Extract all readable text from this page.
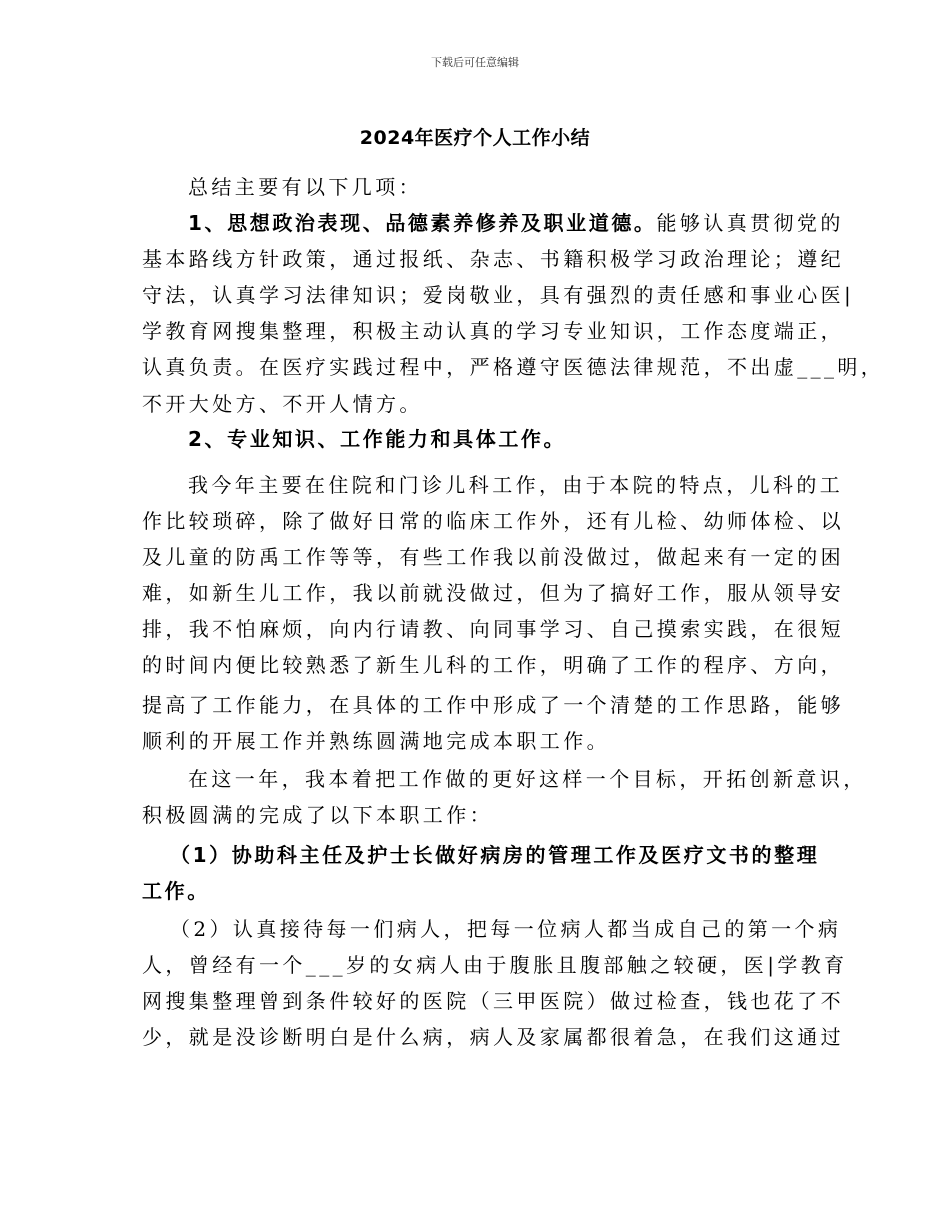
下载后可任意编辑
2024年医疗个人工作小结
总结主要有以下几项：
1、思想政治表现、品德素养修养及职业道德。能够认真贯彻党的
基本路线方针政策，通过报纸、杂志、书籍积极学习政治理论；遵纪
守法，认真学习法律知识；爱岗敬业，具有强烈的责任感和事业心医|
学教育网搜集整理，积极主动认真的学习专业知识，工作态度端正，
认真负责。在医疗实践过程中，严格遵守医德法律规范，不出虚___明，
不开大处方、不开人情方。
2、专业知识、工作能力和具体工作。
我今年主要在住院和门诊儿科工作，由于本院的特点，儿科的工
作比较琐碎，除了做好日常的临床工作外，还有儿检、幼师体检、以
及儿童的防禹工作等等，有些工作我以前没做过，做起来有一定的困
难，如新生儿工作，我以前就没做过，但为了搞好工作，服从领导安
排，我不怕麻烦，向内行请教、向同事学习、自己摸索实践，在很短
的时间内便比较熟悉了新生儿科的工作，明确了工作的程序、方向，
提高了工作能力，在具体的工作中形成了一个清楚的工作思路，能够
顺利的开展工作并熟练圆满地完成本职工作。
在这一年，我本着把工作做的更好这样一个目标，开拓创新意识，
积极圆满的完成了以下本职工作：
（1）协助科主任及护士长做好病房的管理工作及医疗文书的整理
工作。
（2）认真接待每一们病人，把每一位病人都当成自己的第一个病
人，曾经有一个___岁的女病人由于腹胀且腹部触之较硬，医|学教育
网搜集整理曾到条件较好的医院（三甲医院）做过检查，钱也花了不
少，就是没诊断明白是什么病，病人及家属都很着急，在我们这通过
